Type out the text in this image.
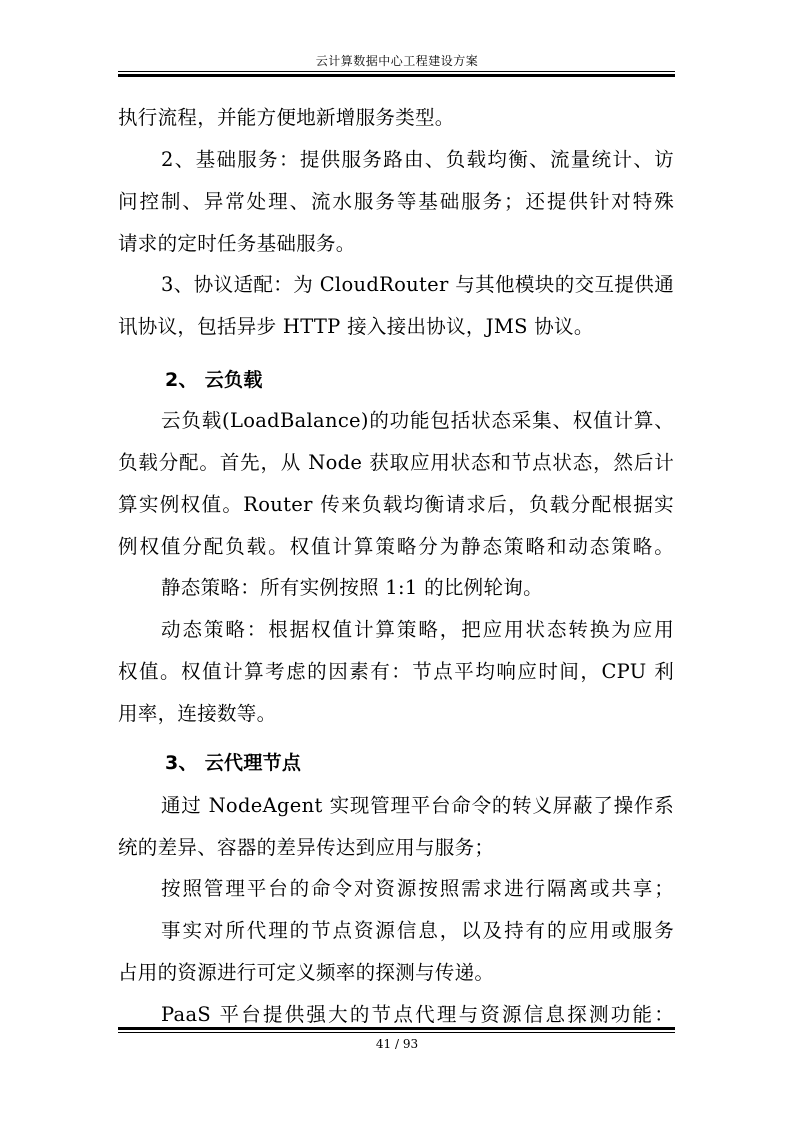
云计算数据中心工程建设方案
执行流程，并能方便地新增服务类型。
2、基础服务：提供服务路由、负载均衡、流量统计、访
问控制、异常处理、流水服务等基础服务；还提供针对特殊
请求的定时任务基础服务。
3、协议适配：为 CloudRouter 与其他模块的交互提供通
讯协议，包括异步 HTTP 接入接出协议，JMS 协议。
2、 云负载
云负载(LoadBalance)的功能包括状态采集、权值计算、
负载分配。首先，从 Node 获取应用状态和节点状态，然后计
算实例权值。Router 传来负载均衡请求后，负载分配根据实
例权值分配负载。权值计算策略分为静态策略和动态策略。
静态策略：所有实例按照 1:1 的比例轮询。
动态策略：根据权值计算策略，把应用状态转换为应用
权值。权值计算考虑的因素有：节点平均响应时间，CPU 利
用率，连接数等。
3、 云代理节点
通过 NodeAgent 实现管理平台命令的转义屏蔽了操作系
统的差异、容器的差异传达到应用与服务；
按照管理平台的命令对资源按照需求进行隔离或共享；
事实对所代理的节点资源信息，以及持有的应用或服务
占用的资源进行可定义频率的探测与传递。
PaaS 平台提供强大的节点代理与资源信息探测功能：
41 / 93
